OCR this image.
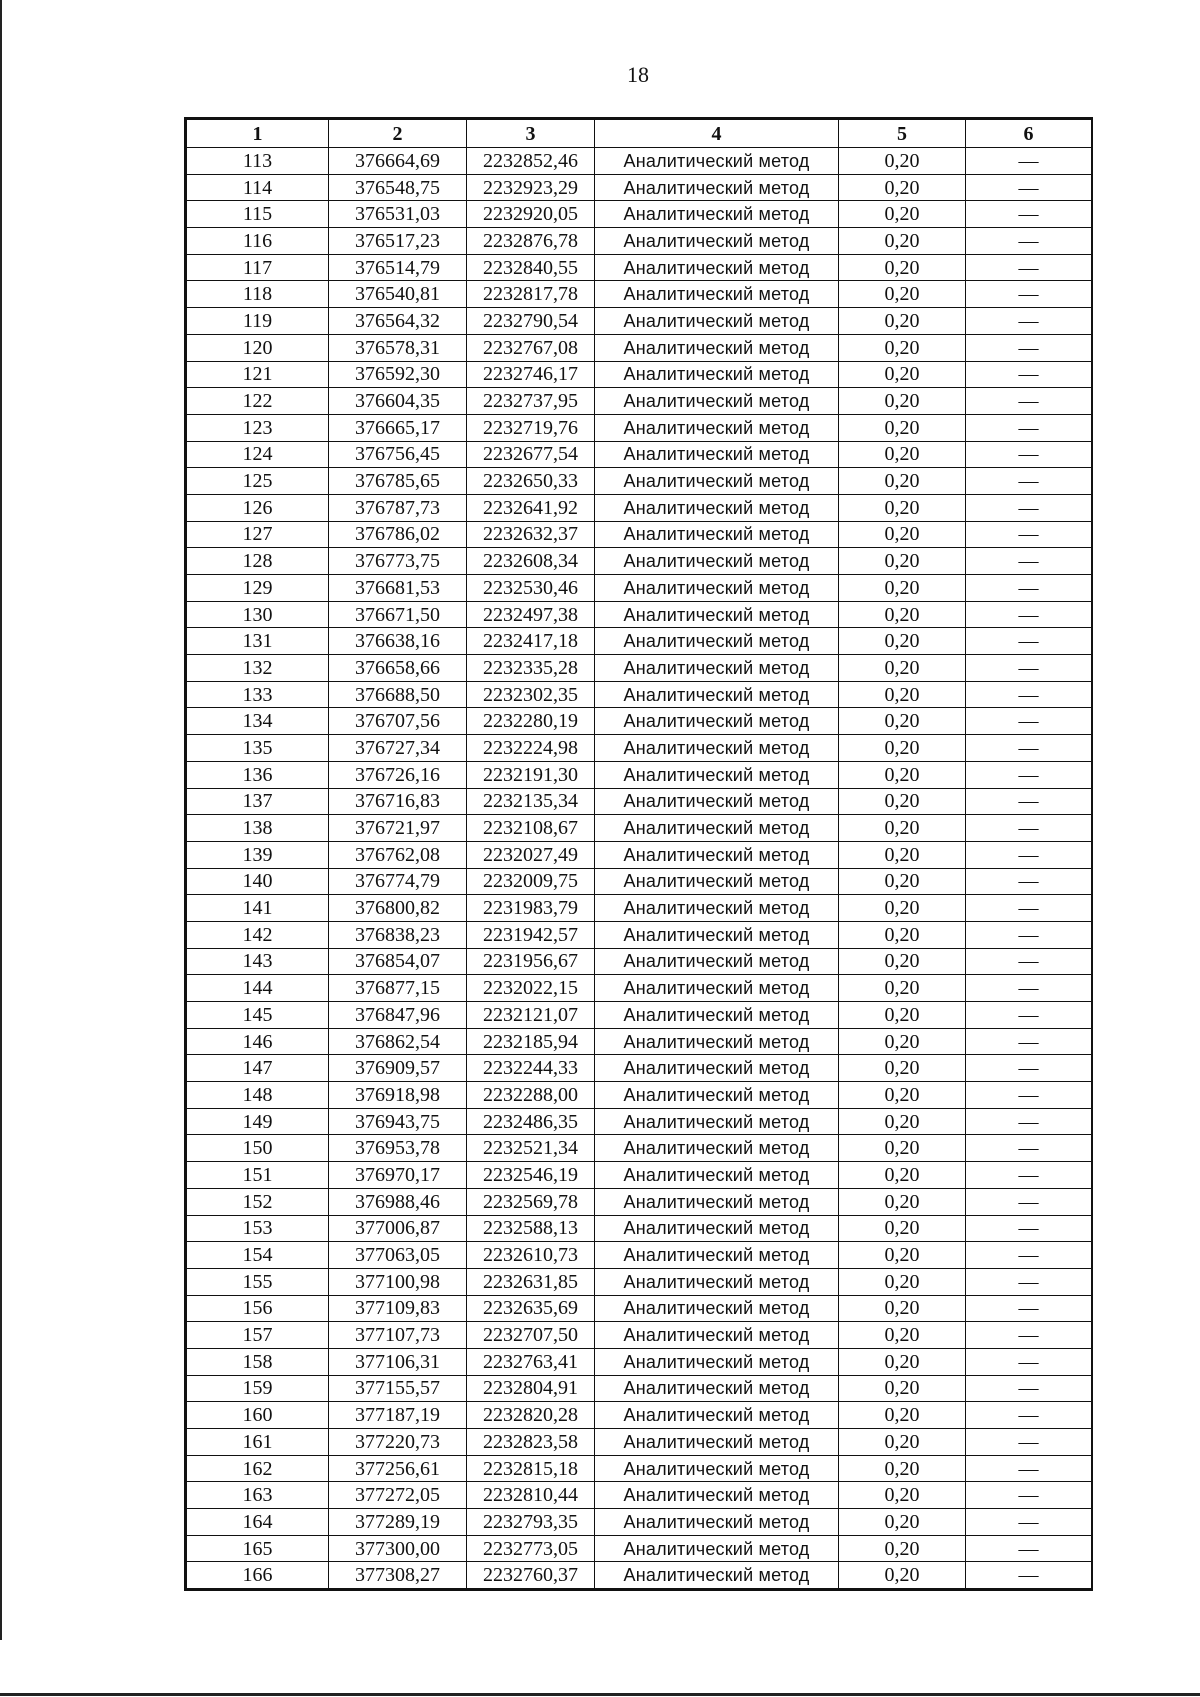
18
1	2	3	4	5	6
113	376664,69	2232852,46	Аналитический метод	0,20	—
114	376548,75	2232923,29	Аналитический метод	0,20	—
115	376531,03	2232920,05	Аналитический метод	0,20	—
116	376517,23	2232876,78	Аналитический метод	0,20	—
117	376514,79	2232840,55	Аналитический метод	0,20	—
118	376540,81	2232817,78	Аналитический метод	0,20	—
119	376564,32	2232790,54	Аналитический метод	0,20	—
120	376578,31	2232767,08	Аналитический метод	0,20	—
121	376592,30	2232746,17	Аналитический метод	0,20	—
122	376604,35	2232737,95	Аналитический метод	0,20	—
123	376665,17	2232719,76	Аналитический метод	0,20	—
124	376756,45	2232677,54	Аналитический метод	0,20	—
125	376785,65	2232650,33	Аналитический метод	0,20	—
126	376787,73	2232641,92	Аналитический метод	0,20	—
127	376786,02	2232632,37	Аналитический метод	0,20	—
128	376773,75	2232608,34	Аналитический метод	0,20	—
129	376681,53	2232530,46	Аналитический метод	0,20	—
130	376671,50	2232497,38	Аналитический метод	0,20	—
131	376638,16	2232417,18	Аналитический метод	0,20	—
132	376658,66	2232335,28	Аналитический метод	0,20	—
133	376688,50	2232302,35	Аналитический метод	0,20	—
134	376707,56	2232280,19	Аналитический метод	0,20	—
135	376727,34	2232224,98	Аналитический метод	0,20	—
136	376726,16	2232191,30	Аналитический метод	0,20	—
137	376716,83	2232135,34	Аналитический метод	0,20	—
138	376721,97	2232108,67	Аналитический метод	0,20	—
139	376762,08	2232027,49	Аналитический метод	0,20	—
140	376774,79	2232009,75	Аналитический метод	0,20	—
141	376800,82	2231983,79	Аналитический метод	0,20	—
142	376838,23	2231942,57	Аналитический метод	0,20	—
143	376854,07	2231956,67	Аналитический метод	0,20	—
144	376877,15	2232022,15	Аналитический метод	0,20	—
145	376847,96	2232121,07	Аналитический метод	0,20	—
146	376862,54	2232185,94	Аналитический метод	0,20	—
147	376909,57	2232244,33	Аналитический метод	0,20	—
148	376918,98	2232288,00	Аналитический метод	0,20	—
149	376943,75	2232486,35	Аналитический метод	0,20	—
150	376953,78	2232521,34	Аналитический метод	0,20	—
151	376970,17	2232546,19	Аналитический метод	0,20	—
152	376988,46	2232569,78	Аналитический метод	0,20	—
153	377006,87	2232588,13	Аналитический метод	0,20	—
154	377063,05	2232610,73	Аналитический метод	0,20	—
155	377100,98	2232631,85	Аналитический метод	0,20	—
156	377109,83	2232635,69	Аналитический метод	0,20	—
157	377107,73	2232707,50	Аналитический метод	0,20	—
158	377106,31	2232763,41	Аналитический метод	0,20	—
159	377155,57	2232804,91	Аналитический метод	0,20	—
160	377187,19	2232820,28	Аналитический метод	0,20	—
161	377220,73	2232823,58	Аналитический метод	0,20	—
162	377256,61	2232815,18	Аналитический метод	0,20	—
163	377272,05	2232810,44	Аналитический метод	0,20	—
164	377289,19	2232793,35	Аналитический метод	0,20	—
165	377300,00	2232773,05	Аналитический метод	0,20	—
166	377308,27	2232760,37	Аналитический метод	0,20	—
